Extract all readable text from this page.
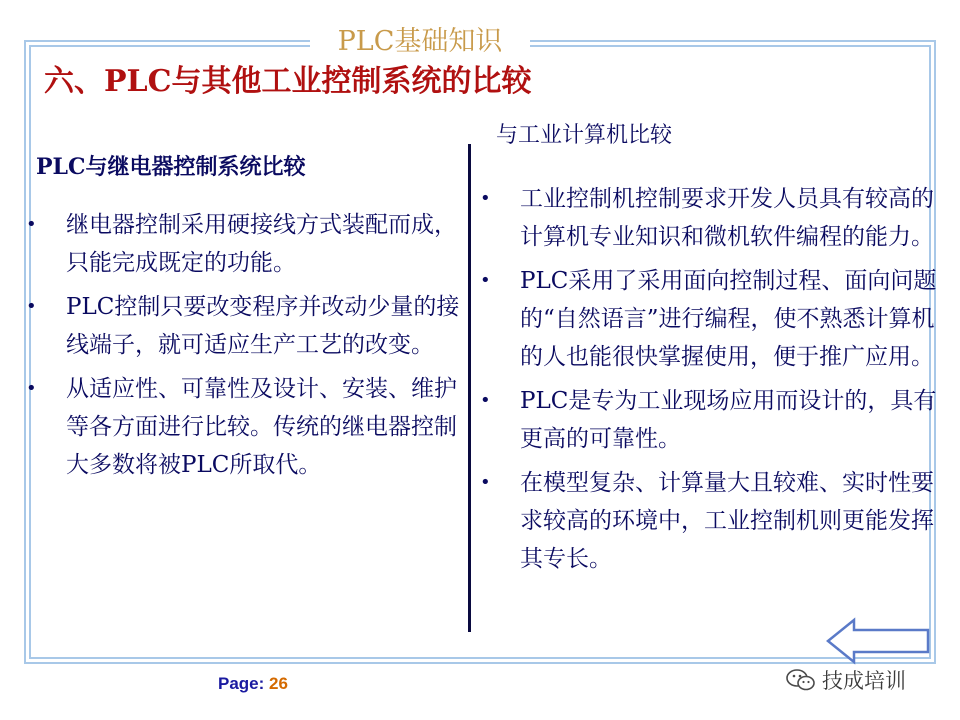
PLC基础知识
六、PLC与其他工业控制系统的比较
PLC与继电器控制系统比较
• 继电器控制采用硬接线方式装配而成，只能完成既定的功能。
• PLC控制只要改变程序并改动少量的接线端子，就可适应生产工艺的改变。
• 从适应性、可靠性及设计、安装、维护等各方面进行比较。传统的继电器控制大多数将被PLC所取代。
与工业计算机比较
• 工业控制机控制要求开发人员具有较高的计算机专业知识和微机软件编程的能力。
• PLC采用了采用面向控制过程、面向问题的“自然语言”进行编程，使不熟悉计算机的人也能很快掌握使用，便于推广应用。
• PLC是专为工业现场应用而设计的，具有更高的可靠性。
• 在模型复杂、计算量大且较难、实时性要求较高的环境中，工业控制机则更能发挥其专长。
Page: 26	技成培训
